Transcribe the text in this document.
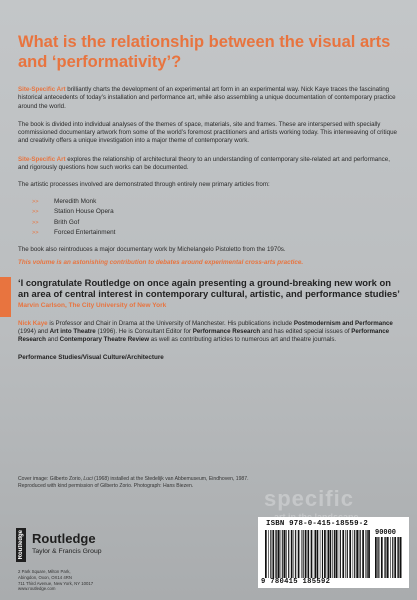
What is the relationship between the visual arts and ‘performativity’?

Site-Specific Art brilliantly charts the development of an experimental art form in an experimental way. Nick Kaye traces the fascinating historical antecedents of today’s installation and performance art, while also assembling a unique documentation of contemporary practice around the world.

The book is divided into individual analyses of the themes of space, materials, site and frames. These are interspersed with specially commissioned documentary artwork from some of the world’s foremost practitioners and artists working today. This interweaving of critique and creativity offers a unique investigation into a major theme of contemporary work.

Site-Specific Art explores the relationship of architectural theory to an understanding of contemporary site-related art and performance, and rigorously questions how such works can be documented.

The artistic processes involved are demonstrated through entirely new primary articles from:

>> Meredith Monk
>> Station House Opera
>> Brith Gof
>> Forced Entertainment

The book also reintroduces a major documentary work by Michelangelo Pistoletto from the 1970s.

This volume is an astonishing contribution to debates around experimental cross-arts practice.

‘I congratulate Routledge on once again presenting a ground-breaking new work on an area of central interest in contemporary cultural, artistic, and performance studies’

Marvin Carlson, The City University of New York

Nick Kaye is Professor and Chair in Drama at the University of Manchester. His publications include Postmodernism and Performance (1994) and Art into Theatre (1996). He is Consultant Editor for Performance Research and has edited special issues of Performance Research and Contemporary Theatre Review as well as contributing articles to numerous art and theatre journals.

Performance Studies/Visual Culture/Architecture
Cover image: Gilberto Zorio, Luci (1968) installed at the Stedelijk van Abbemuseum, Eindhoven, 1987.
Reproduced with kind permission of Gilberto Zorio. Photograph: Hans Biezen.
specific
Routledge Routledge
Taylor & Francis Group
2 Park Square, Milton Park,
Abingdon, Oxon, OX14 4RN
711 Third Avenue, New York, NY 10017
www.routledge.com
ISBN 978-0-415-18559-2
90000
9 780415 185592
